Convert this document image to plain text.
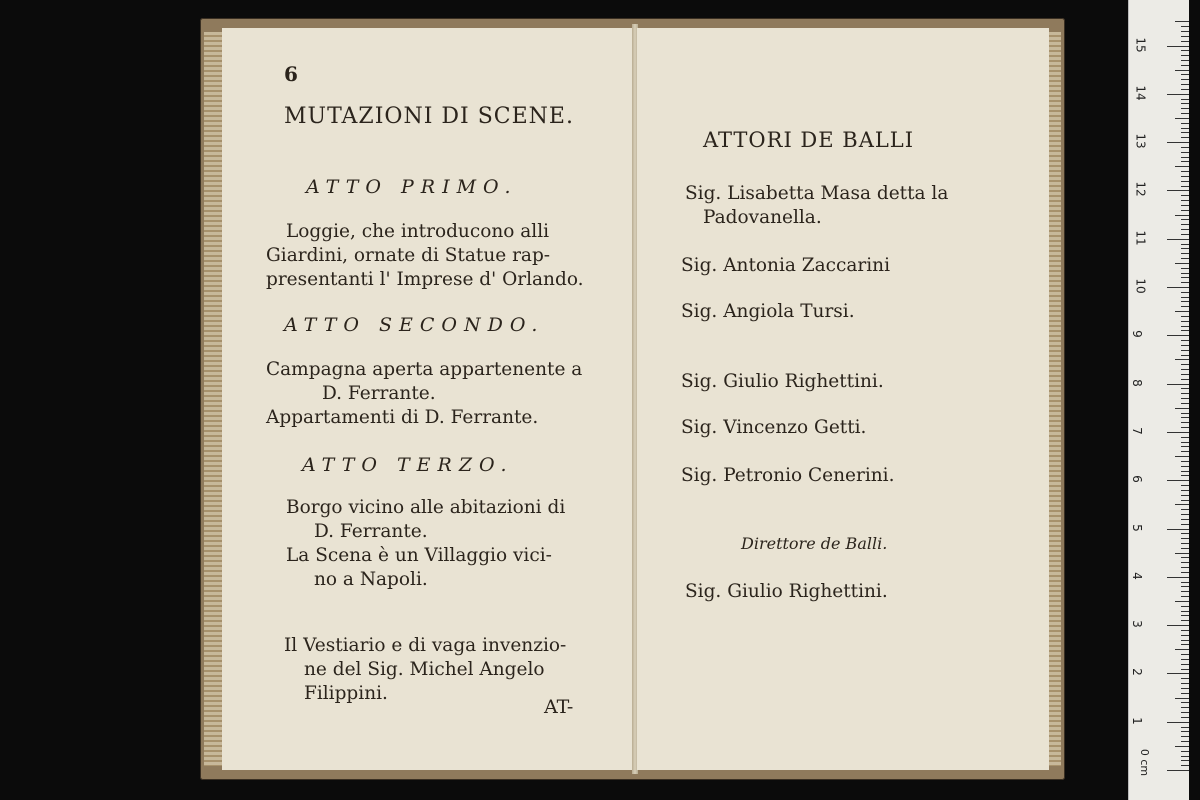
6
MUTAZIONI DI SCENE.
ATTO PRIMO.
Loggie, che introducono alli
Giardini, ornate di Statue rap-
presentanti l' Imprese d' Orlando.
ATTO SECONDO.
Campagna aperta appartenente a
D. Ferrante.
Appartamenti di D. Ferrante.
ATTO TERZO.
Borgo vicino alle abitazioni di
D. Ferrante.
La Scena è un Villaggio vici-
no a Napoli.
Il Vestiario e di vaga invenzio-
ne del Sig. Michel Angelo
Filippini.
AT-
ATTORI DE BALLI
Sig. Lisabetta Masa detta la
Padovanella.
Sig. Antonia Zaccarini
Sig. Angiola Tursi.
Sig. Giulio Righettini.
Sig. Vincenzo Getti.
Sig. Petronio Cenerini.
Direttore de Balli.
Sig. Giulio Righettini.
0 cm
1
2
3
4
5
6
7
8
9
10
11
12
13
14
15
